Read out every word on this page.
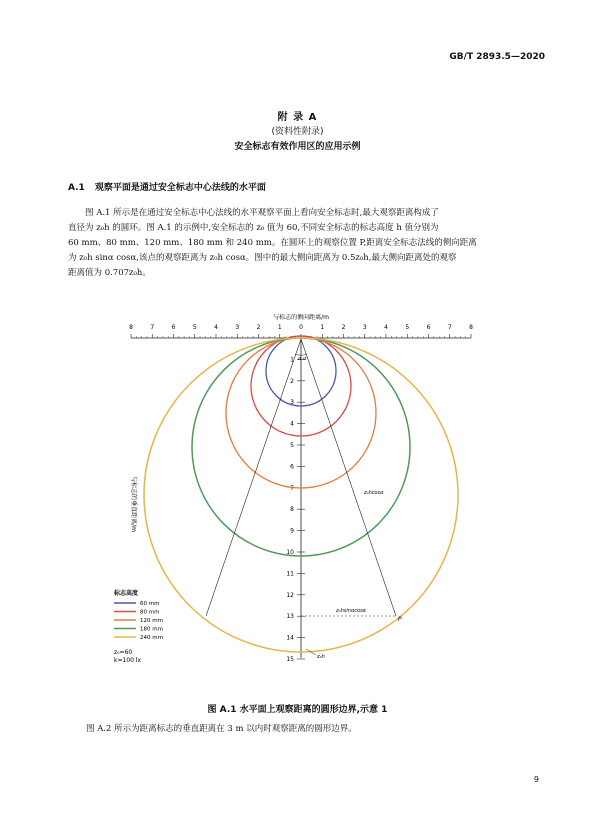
GB/T 2893.5—2020
附 录 A
(资料性附录)
安全标志有效作用区的应用示例
A.1 观察平面是通过安全标志中心法线的水平面

图 A.1 所示是在通过安全标志中心法线的水平观察平面上看向安全标志时,最大观察距离构成了

直径为 z₀h 的圆环。图 A.1 的示例中,安全标志的 z₀ 值为 60,不同安全标志的标志高度 h 值分别为

60 mm、80 mm、120 mm、180 mm 和 240 mm。在圆环上的观察位置 P,距离安全标志法线的侧向距离

为 z₀h sinα cosα,该点的观察距离为 z₀h cosα。图中的最大侧向距离为 0.5z₀h,最大侧向距离处的观察

距离值为 0.707z₀h。

与标志的侧向距离/m
8	7	6	5	4	3	2	1	0	1	2	3	4	5	6	7	8
1
2
3
4
5
6
7
8
9
10
11
12
13
14
15
与标志的垂直距离/m
α α
z₀hcosα
z₀hsinαcosα
P
z₀h
标志高度
60 mm
80 mm
120 mm
180 mm
240 mm
z₀=60
k=100 lx
图 A.1 水平面上观察距离的圆形边界,示意 1
图 A.2 所示为距离标志的垂直距离在 3 m 以内时观察距离的圆形边界。
9
